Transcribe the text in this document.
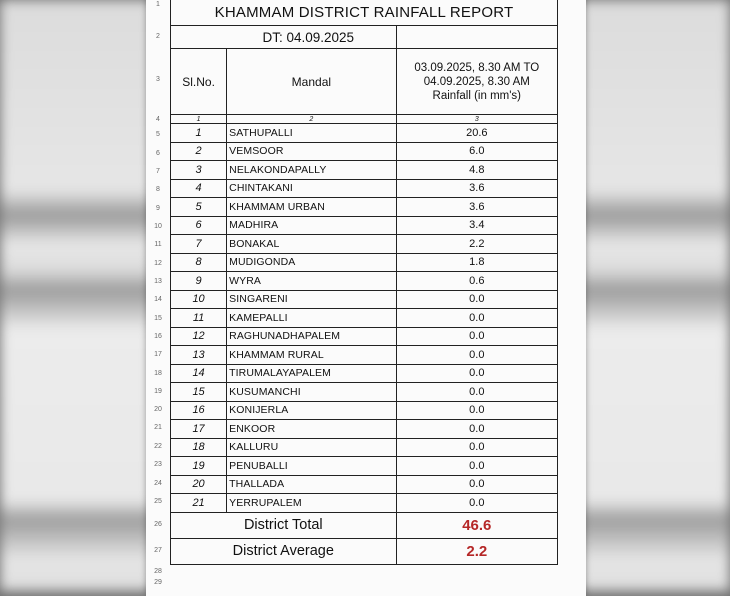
1
2
3
4
5
6
7
8
9
10
11
12
13
14
15
16
17
18
19
20
21
22
23
24
25
26
27
28
29
KHAMMAM DISTRICT RAINFALL REPORT		
DT: 04.09.2025		
Sl.No.	Mandal	03.09.2025, 8.30 AM TO
04.09.2025, 8.30 AM
Rainfall (in mm's)

1	2	3
1	SATHUPALLI	20.6
2	VEMSOOR	6.0
3	NELAKONDAPALLY	4.8
4	CHINTAKANI	3.6
5	KHAMMAM URBAN	3.6
6	MADHIRA	3.4
7	BONAKAL	2.2
8	MUDIGONDA	1.8
9	WYRA	0.6
10	SINGARENI	0.0
11	KAMEPALLI	0.0
12	RAGHUNADHAPALEM	0.0
13	KHAMMAM RURAL	0.0
14	TIRUMALAYAPALEM	0.0
15	KUSUMANCHI	0.0
16	KONIJERLA	0.0
17	ENKOOR	0.0
18	KALLURU	0.0
19	PENUBALLI	0.0
20	THALLADA	0.0
21	YERRUPALEM	0.0
District Total		46.6
District Average		2.2
